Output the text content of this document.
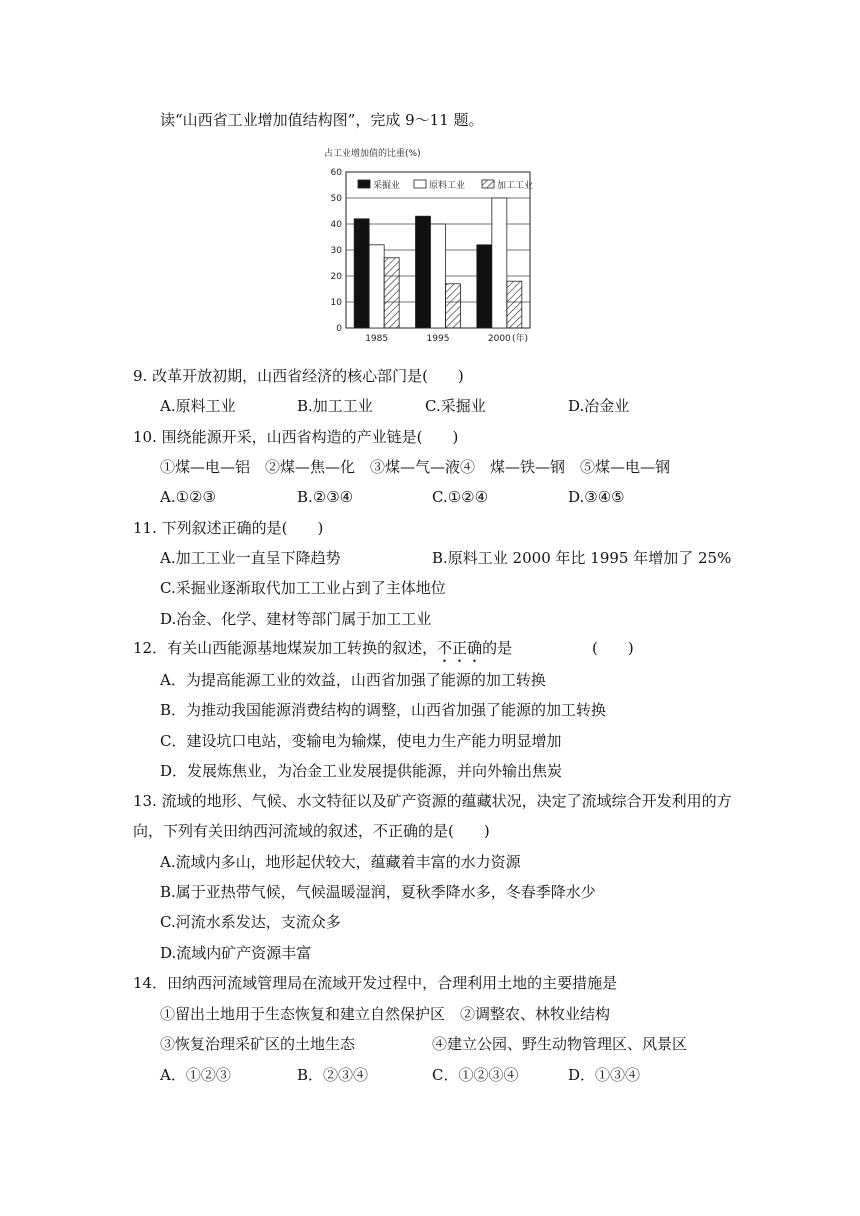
读“山西省工业增加值结构图”，完成 9～11 题。
占工业增加值的比重(%)
0
10
20
30
40
50
60
采掘业	原料工业	加工工业
1985	1995	2000 (年)
9. 改革开放初期，山西省经济的核心部门是(　　)
A.原料工业	B.加工工业	C.采掘业	D.冶金业
10. 围绕能源开采，山西省构造的产业链是(　　)
①煤—电—铝　②煤—焦—化　③煤—气—液④　煤—铁—钢　⑤煤—电—钢
A.①②③	B.②③④	C.①②④	D.③④⑤
11. 下列叙述正确的是(　　)
A.加工工业一直呈下降趋势	B.原料工业 2000 年比 1995 年增加了 25%
C.采掘业逐渐取代加工工业占到了主体地位
D.冶金、化学、建材等部门属于加工工业
12．有关山西能源基地煤炭加工转换的叙述，不正确的是	(　　)
A．为提高能源工业的效益，山西省加强了能源的加工转换
B．为推动我国能源消费结构的调整，山西省加强了能源的加工转换
C．建设坑口电站，变输电为输煤，使电力生产能力明显增加
D．发展炼焦业，为冶金工业发展提供能源，并向外输出焦炭
13. 流域的地形、气候、水文特征以及矿产资源的蕴藏状况，决定了流域综合开发利用的方
向，下列有关田纳西河流域的叙述，不正确的是(　　)
A.流域内多山，地形起伏较大，蕴藏着丰富的水力资源
B.属于亚热带气候，气候温暖湿润，夏秋季降水多，冬春季降水少
C.河流水系发达，支流众多
D.流域内矿产资源丰富
14．田纳西河流域管理局在流域开发过程中，合理利用土地的主要措施是
①留出土地用于生态恢复和建立自然保护区　②调整农、林牧业结构
③恢复治理采矿区的土地生态	④建立公园、野生动物管理区、风景区
A．①②③	B．②③④	C．①②③④	D．①③④
